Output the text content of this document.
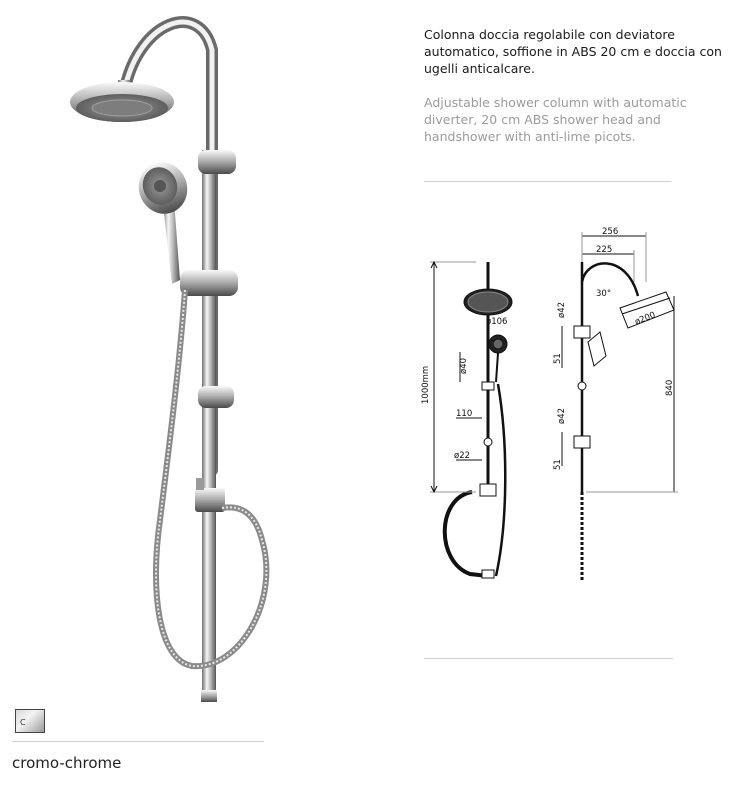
Colonna doccia regolabile con deviatore automatico, soffione in ABS 20 cm e doccia con ugelli anticalcare.
Adjustable shower column with automatic diverter, 20 cm ABS shower head and handshower with anti-lime picots.
1000mm
ø106
ø40
110
ø22
256
225
30°
ø200
840
ø42
51
ø42
51
C
cromo-chrome
